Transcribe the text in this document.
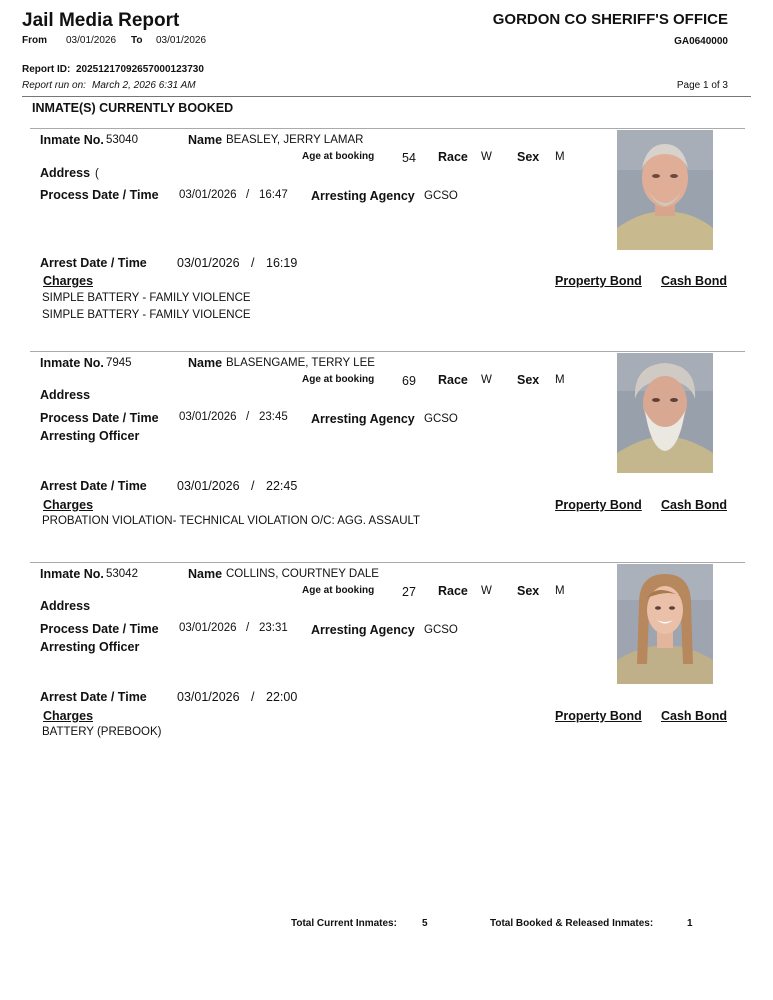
Jail Media Report	GORDON CO SHERIFF'S OFFICE
From 03/01/2026 To 03/01/2026	GA0640000
Report ID: 20251217092657000123730
Report run on: March 2, 2026 6:31 AM	Page 1 of 3
INMATE(S) CURRENTLY BOOKED
Inmate No. 53040	Name BEASLEY, JERRY LAMAR
Age at booking 54 Race W Sex M
Address (
Process Date / Time 03/01/2026 / 16:47 Arresting Agency GCSO
Arrest Date / Time 03/01/2026 / 16:19
Charges	Property Bond Cash Bond
SIMPLE BATTERY - FAMILY VIOLENCE
SIMPLE BATTERY - FAMILY VIOLENCE
Inmate No. 7945	Name BLASENGAME, TERRY LEE
Age at booking 69 Race W Sex M
Address
Process Date / Time 03/01/2026 / 23:45 Arresting Agency GCSO
Arresting Officer
Arrest Date / Time 03/01/2026 / 22:45
Charges	Property Bond Cash Bond
PROBATION VIOLATION- TECHNICAL VIOLATION O/C: AGG. ASSAULT
Inmate No. 53042	Name COLLINS, COURTNEY DALE
Age at booking 27 Race W Sex M
Address
Process Date / Time 03/01/2026 / 23:31 Arresting Agency GCSO
Arresting Officer
Arrest Date / Time 03/01/2026 / 22:00
Charges	Property Bond Cash Bond
BATTERY (PREBOOK)
Total Current Inmates:	5	Total Booked & Released Inmates:	1
